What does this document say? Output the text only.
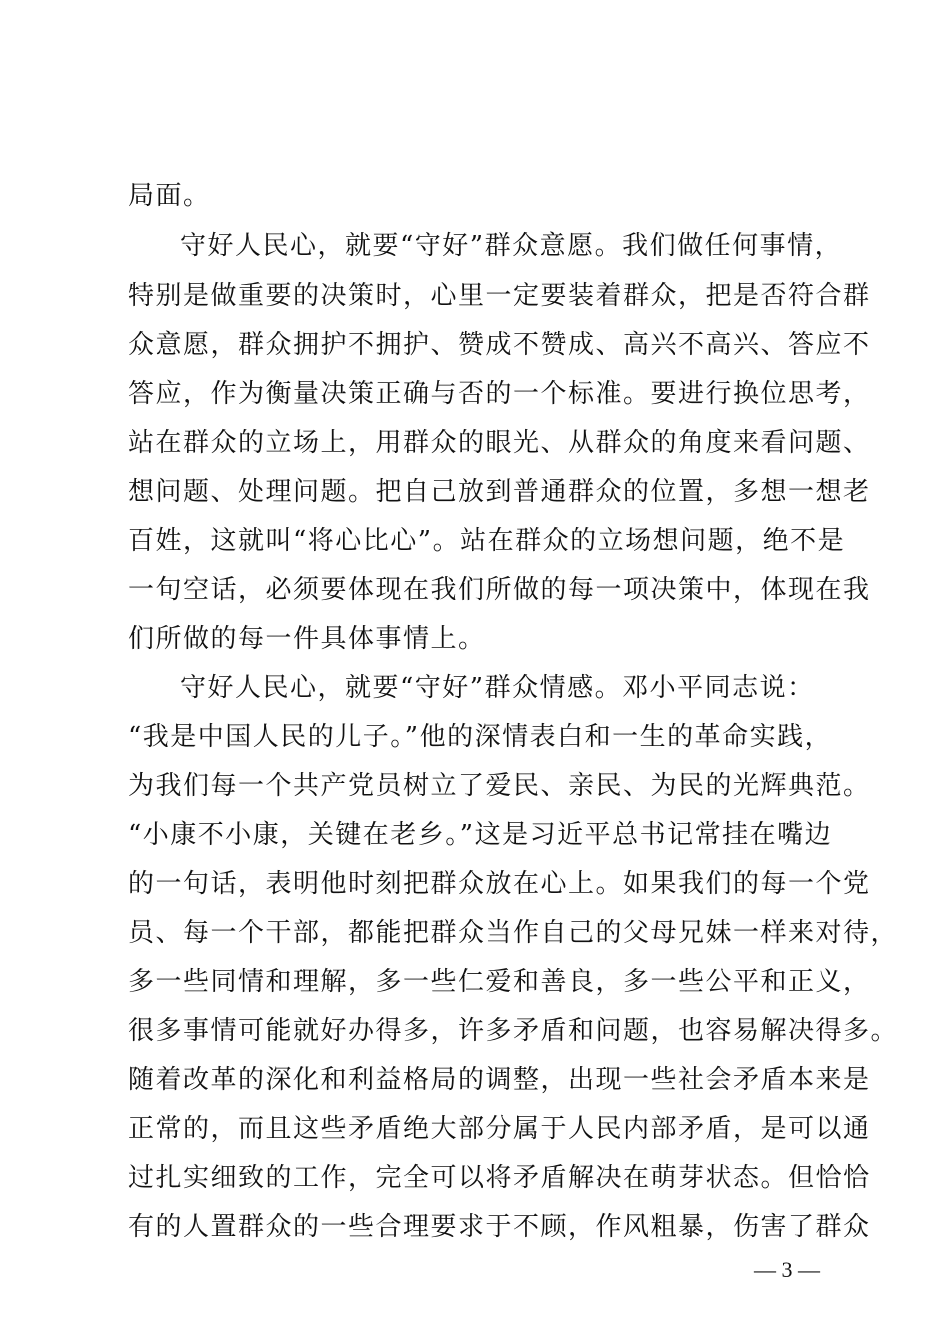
局面。
守好人民心，就要“守好”群众意愿。我们做任何事情，
特别是做重要的决策时，心里一定要装着群众，把是否符合群
众意愿，群众拥护不拥护、赞成不赞成、高兴不高兴、答应不
答应，作为衡量决策正确与否的一个标准。要进行换位思考，
站在群众的立场上，用群众的眼光、从群众的角度来看问题、
想问题、处理问题。把自己放到普通群众的位置，多想一想老
百姓，这就叫“将心比心”。站在群众的立场想问题，绝不是
一句空话，必须要体现在我们所做的每一项决策中，体现在我
们所做的每一件具体事情上。
守好人民心，就要“守好”群众情感。邓小平同志说：
“我是中国人民的儿子。”他的深情表白和一生的革命实践，
为我们每一个共产党员树立了爱民、亲民、为民的光辉典范。
“小康不小康，关键在老乡。”这是习近平总书记常挂在嘴边
的一句话，表明他时刻把群众放在心上。如果我们的每一个党
员、每一个干部，都能把群众当作自己的父母兄妹一样来对待，
多一些同情和理解，多一些仁爱和善良，多一些公平和正义，
很多事情可能就好办得多，许多矛盾和问题，也容易解决得多。
随着改革的深化和利益格局的调整，出现一些社会矛盾本来是
正常的，而且这些矛盾绝大部分属于人民内部矛盾，是可以通
过扎实细致的工作，完全可以将矛盾解决在萌芽状态。但恰恰
有的人置群众的一些合理要求于不顾，作风粗暴，伤害了群众
— 3 —
